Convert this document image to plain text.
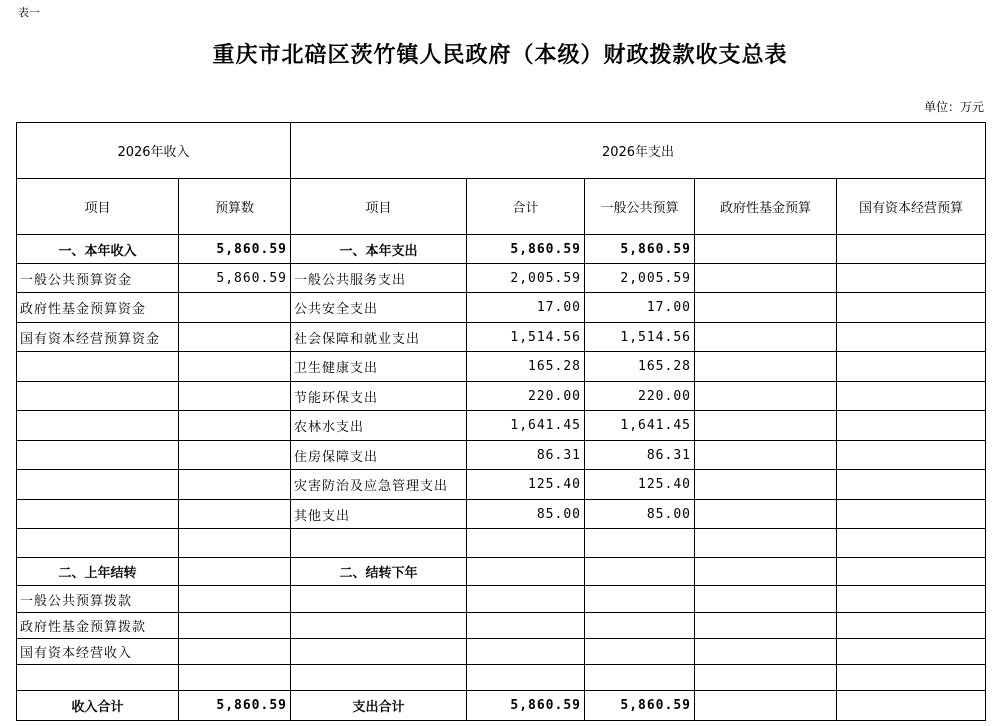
表一
重庆市北碚区茨竹镇人民政府（本级）财政拨款收支总表
单位：万元
2026年收入		2026年支出				
项目	预算数	项目	合计	一般公共预算	政府性基金预算	国有资本经营预算
一、本年收入	5,860.59	一、本年支出	5,860.59	5,860.59		
一般公共预算资金	5,860.59	一般公共服务支出	2,005.59	2,005.59		
政府性基金预算资金		公共安全支出	17.00	17.00		
国有资本经营预算资金		社会保障和就业支出	1,514.56	1,514.56		
		卫生健康支出	165.28	165.28		
		节能环保支出	220.00	220.00		
		农林水支出	1,641.45	1,641.45		
		住房保障支出	86.31	86.31		
		灾害防治及应急管理支出	125.40	125.40		
		其他支出	85.00	85.00		

二、上年结转		二、结转下年				
一般公共预算拨款						
政府性基金预算拨款						
国有资本经营收入						

收入合计	5,860.59	支出合计	5,860.59	5,860.59		
